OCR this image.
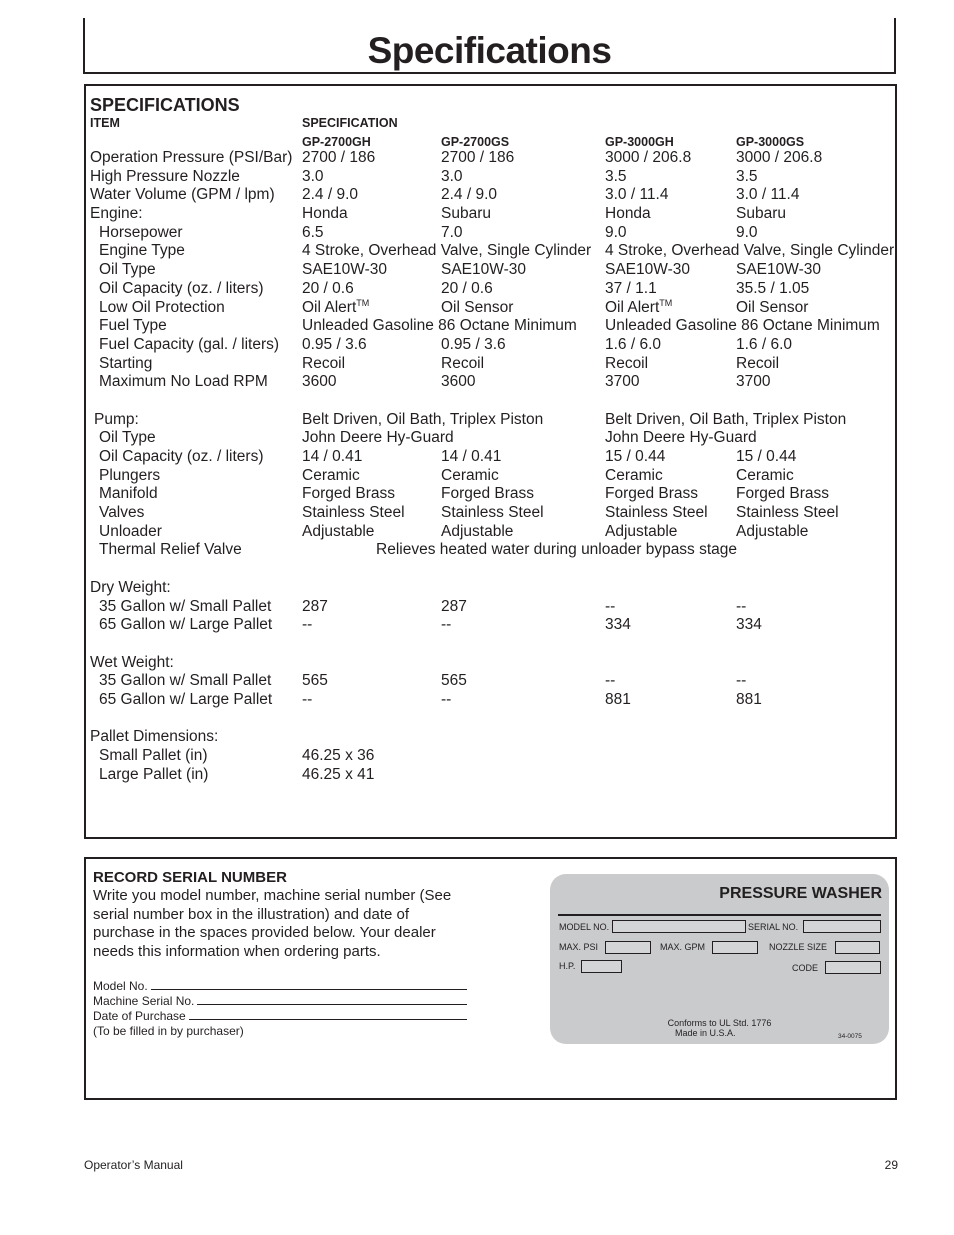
Specifications
SPECIFICATIONS
ITEM	SPECIFICATION
GP-2700GH	GP-2700GS	GP-3000GH	GP-3000GS
Operation Pressure (PSI/Bar) 2700 / 186	2700 / 186	3000 / 206.8	3000 / 206.8
High Pressure Nozzle	3.0	3.0	3.5	3.5
Water Volume (GPM / lpm) 2.4 / 9.0	2.4 / 9.0	3.0 / 11.4	3.0 / 11.4
Engine:	Honda	Subaru	Honda	Subaru
Horsepower	6.5	7.0	9.0	9.0
Engine Type	4 Stroke, Overhead Valve, Single Cylinder 4 Stroke, Overhead Valve, Single Cylinder
Oil Type	SAE10W-30	SAE10W-30	SAE10W-30	SAE10W-30
Oil Capacity (oz. / liters) 20 / 0.6	20 / 0.6	37 / 1.1	35.5 / 1.05
Low Oil Protection	Oil Alert™	Oil Sensor	Oil Alert™	Oil Sensor
Fuel Type	Unleaded Gasoline 86 Octane Minimum Unleaded Gasoline 86 Octane Minimum
Fuel Capacity (gal. / liters) 0.95 / 3.6	0.95 / 3.6	1.6 / 6.0	1.6 / 6.0
Starting	Recoil	Recoil	Recoil	Recoil
Maximum No Load RPM 3600	3600	3700	3700
Pump:	Belt Driven, Oil Bath, Triplex Piston	Belt Driven, Oil Bath, Triplex Piston
Oil Type	John Deere Hy-Guard	John Deere Hy-Guard
Oil Capacity (oz. / liters) 14 / 0.41	14 / 0.41	15 / 0.44	15 / 0.44
Plungers	Ceramic	Ceramic	Ceramic	Ceramic
Manifold	Forged Brass	Forged Brass	Forged Brass Forged Brass
Valves	Stainless Steel Stainless Steel	Stainless Steel Stainless Steel
Unloader	Adjustable	Adjustable	Adjustable	Adjustable
Thermal Relief Valve	Relieves heated water during unloader bypass stage
Dry Weight:
35 Gallon w/ Small Pallet 287	287	--	--
65 Gallon w/ Large Pallet --	--	334	334
Wet Weight:
35 Gallon w/ Small Pallet 565	565	--	--
65 Gallon w/ Large Pallet --	--	881	881
Pallet Dimensions:
Small Pallet (in)	46.25 x 36
Large Pallet (in)	46.25 x 41
RECORD SERIAL NUMBER
Write you model number, machine serial number (See serial number box in the illustration) and date of purchase in the spaces provided below. Your dealer needs this information when ordering parts.
Model No.
Machine Serial No.
Date of Purchase
(To be filled in by purchaser)
PRESSURE WASHER
MODEL NO.	SERIAL NO.
MAX. PSI	MAX. GPM	NOZZLE SIZE
H.P.	CODE
Conforms to UL Std. 1776
Made in U.S.A.	34-0075
Operator’s Manual	29
